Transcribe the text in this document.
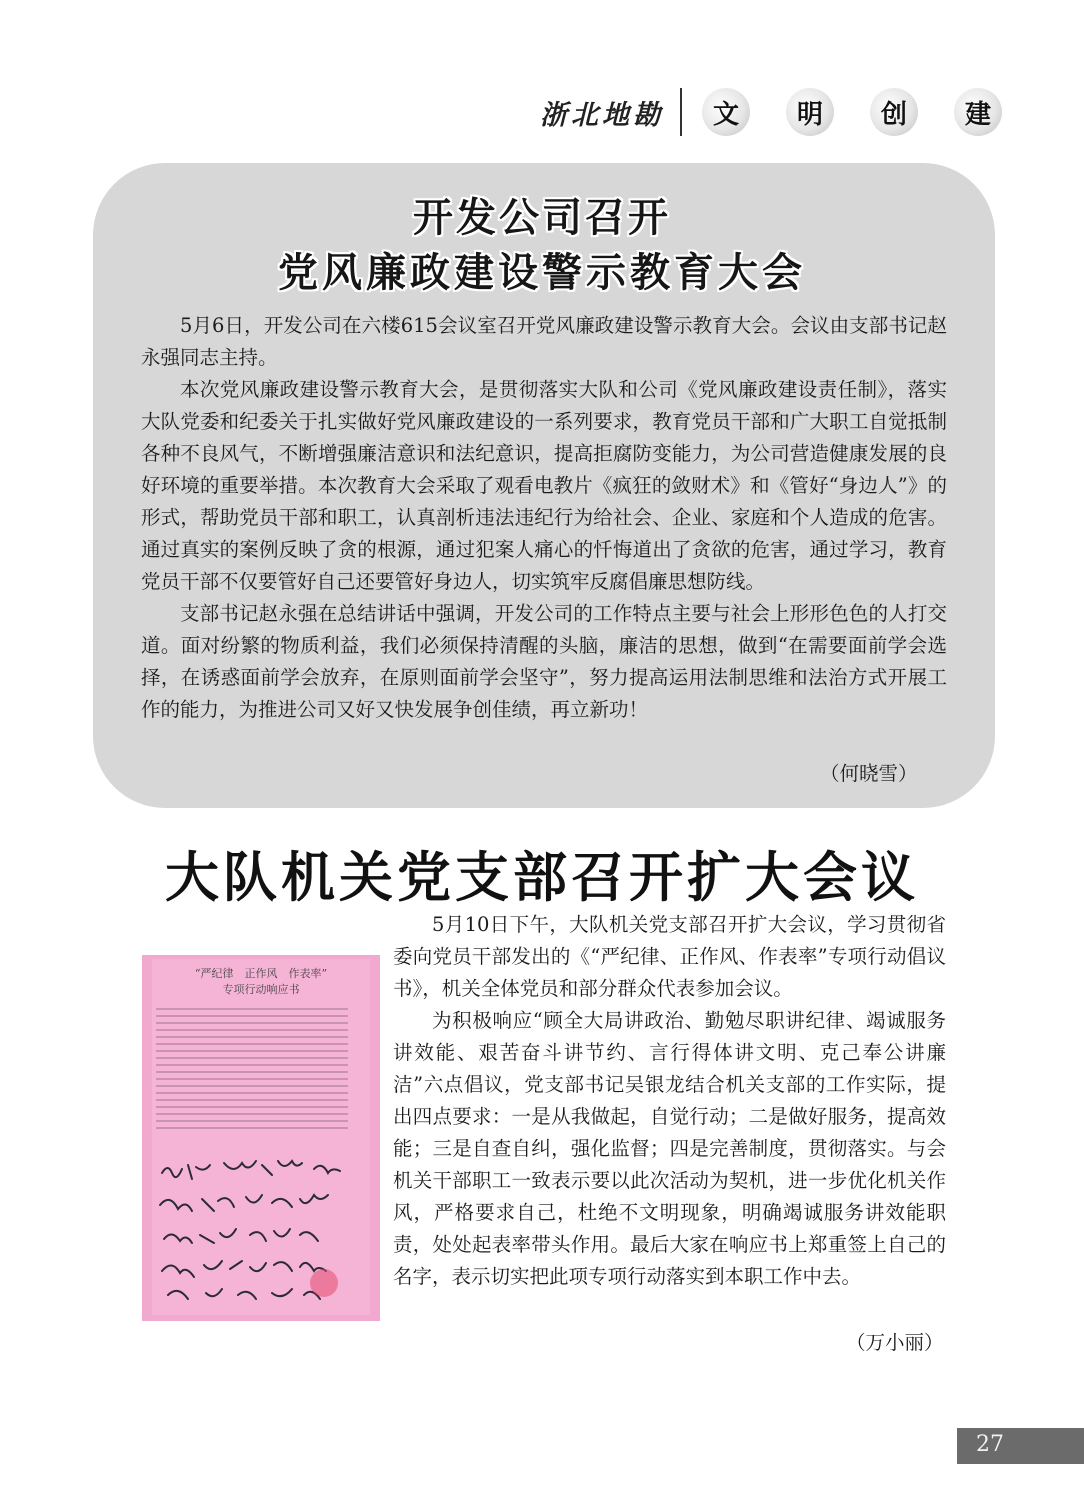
浙北地勘	文	明	创	建
开发公司召开
党风廉政建设警示教育大会

5月6日，开发公司在六楼615会议室召开党风廉政建设警示教育大会。会议由支部书记赵永强同志主持。

本次党风廉政建设警示教育大会，是贯彻落实大队和公司《党风廉政建设责任制》，落实大队党委和纪委关于扎实做好党风廉政建设的一系列要求，教育党员干部和广大职工自觉抵制各种不良风气，不断增强廉洁意识和法纪意识，提高拒腐防变能力，为公司营造健康发展的良好环境的重要举措。本次教育大会采取了观看电教片《疯狂的敛财术》和《管好“身边人”》的形式，帮助党员干部和职工，认真剖析违法违纪行为给社会、企业、家庭和个人造成的危害。通过真实的案例反映了贪的根源，通过犯案人痛心的忏悔道出了贪欲的危害，通过学习，教育党员干部不仅要管好自己还要管好身边人，切实筑牢反腐倡廉思想防线。

支部书记赵永强在总结讲话中强调，开发公司的工作特点主要与社会上形形色色的人打交道。面对纷繁的物质利益，我们必须保持清醒的头脑，廉洁的思想，做到“在需要面前学会选择，在诱惑面前学会放弃，在原则面前学会坚守”，努力提高运用法制思维和法治方式开展工作的能力，为推进公司又好又快发展争创佳绩，再立新功！

（何晓雪）
大队机关党支部召开扩大会议
“严纪律　正作风　作表率”
专项行动响应书

5月10日下午，大队机关党支部召开扩大会议，学习贯彻省委向党员干部发出的《“严纪律、正作风、作表率”专项行动倡议书》，机关全体党员和部分群众代表参加会议。

为积极响应“顾全大局讲政治、勤勉尽职讲纪律、竭诚服务讲效能、艰苦奋斗讲节约、言行得体讲文明、克己奉公讲廉洁”六点倡议，党支部书记吴银龙结合机关支部的工作实际，提出四点要求：一是从我做起，自觉行动；二是做好服务，提高效能；三是自查自纠，强化监督；四是完善制度，贯彻落实。与会机关干部职工一致表示要以此次活动为契机，进一步优化机关作风，严格要求自己，杜绝不文明现象，明确竭诚服务讲效能职责，处处起表率带头作用。最后大家在响应书上郑重签上自己的名字，表示切实把此项专项行动落实到本职工作中去。

（万小丽）
27
